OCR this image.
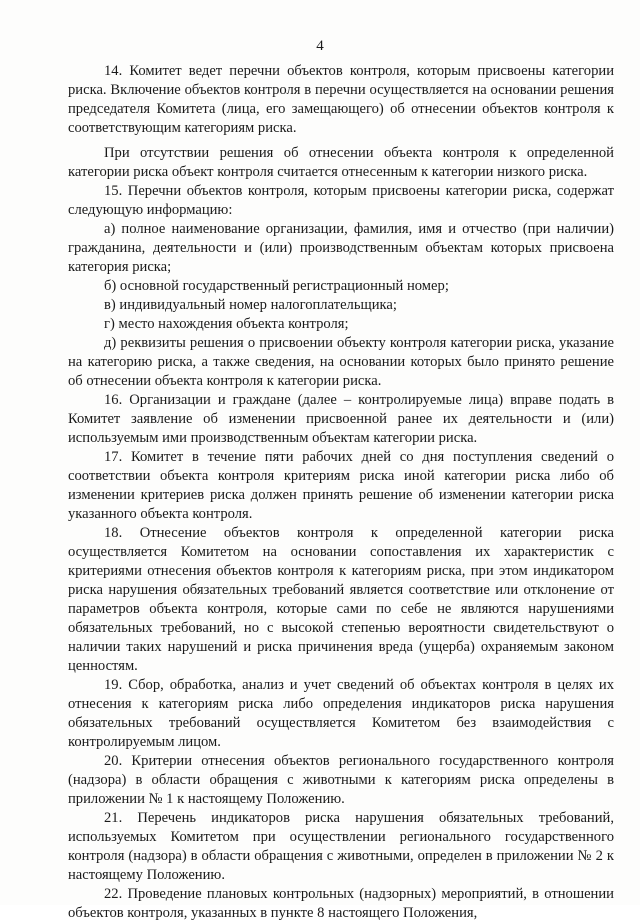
4

14. Комитет ведет перечни объектов контроля, которым присвоены категории риска. Включение объектов контроля в перечни осуществляется на основании решения председателя Комитета (лица, его замещающего) об отнесении объектов контроля к соответствующим категориям риска.

При отсутствии решения об отнесении объекта контроля к определенной категории риска объект контроля считается отнесенным к категории низкого риска.

15. Перечни объектов контроля, которым присвоены категории риска, содержат следующую информацию:

а) полное наименование организации, фамилия, имя и отчество (при наличии) гражданина, деятельности и (или) производственным объектам которых присвоена категория риска;

б) основной государственный регистрационный номер;

в) индивидуальный номер налогоплательщика;

г) место нахождения объекта контроля;

д) реквизиты решения о присвоении объекту контроля категории риска, указание на категорию риска, а также сведения, на основании которых было принято решение об отнесении объекта контроля к категории риска.

16. Организации и граждане (далее – контролируемые лица) вправе подать в Комитет заявление об изменении присвоенной ранее их деятельности и (или) используемым ими производственным объектам категории риска.

17. Комитет в течение пяти рабочих дней со дня поступления сведений о соответствии объекта контроля критериям риска иной категории риска либо об изменении критериев риска должен принять решение об изменении категории риска указанного объекта контроля.

18. Отнесение объектов контроля к определенной категории риска осуществляется Комитетом на основании сопоставления их характеристик с критериями отнесения объектов контроля к категориям риска, при этом индикатором риска нарушения обязательных требований является соответствие или отклонение от параметров объекта контроля, которые сами по себе не являются нарушениями обязательных требований, но с высокой степенью вероятности свидетельствуют о наличии таких нарушений и риска причинения вреда (ущерба) охраняемым законом ценностям.

19. Сбор, обработка, анализ и учет сведений об объектах контроля в целях их отнесения к категориям риска либо определения индикаторов риска нарушения обязательных требований осуществляется Комитетом без взаимодействия с контролируемым лицом.

20. Критерии отнесения объектов регионального государственного контроля (надзора) в области обращения с животными к категориям риска определены в приложении № 1 к настоящему Положению.

21. Перечень индикаторов риска нарушения обязательных требований, используемых Комитетом при осуществлении регионального государственного контроля (надзора) в области обращения с животными, определен в приложении № 2 к настоящему Положению.

22. Проведение плановых контрольных (надзорных) мероприятий, в отношении объектов контроля, указанных в пункте 8 настоящего Положения,
